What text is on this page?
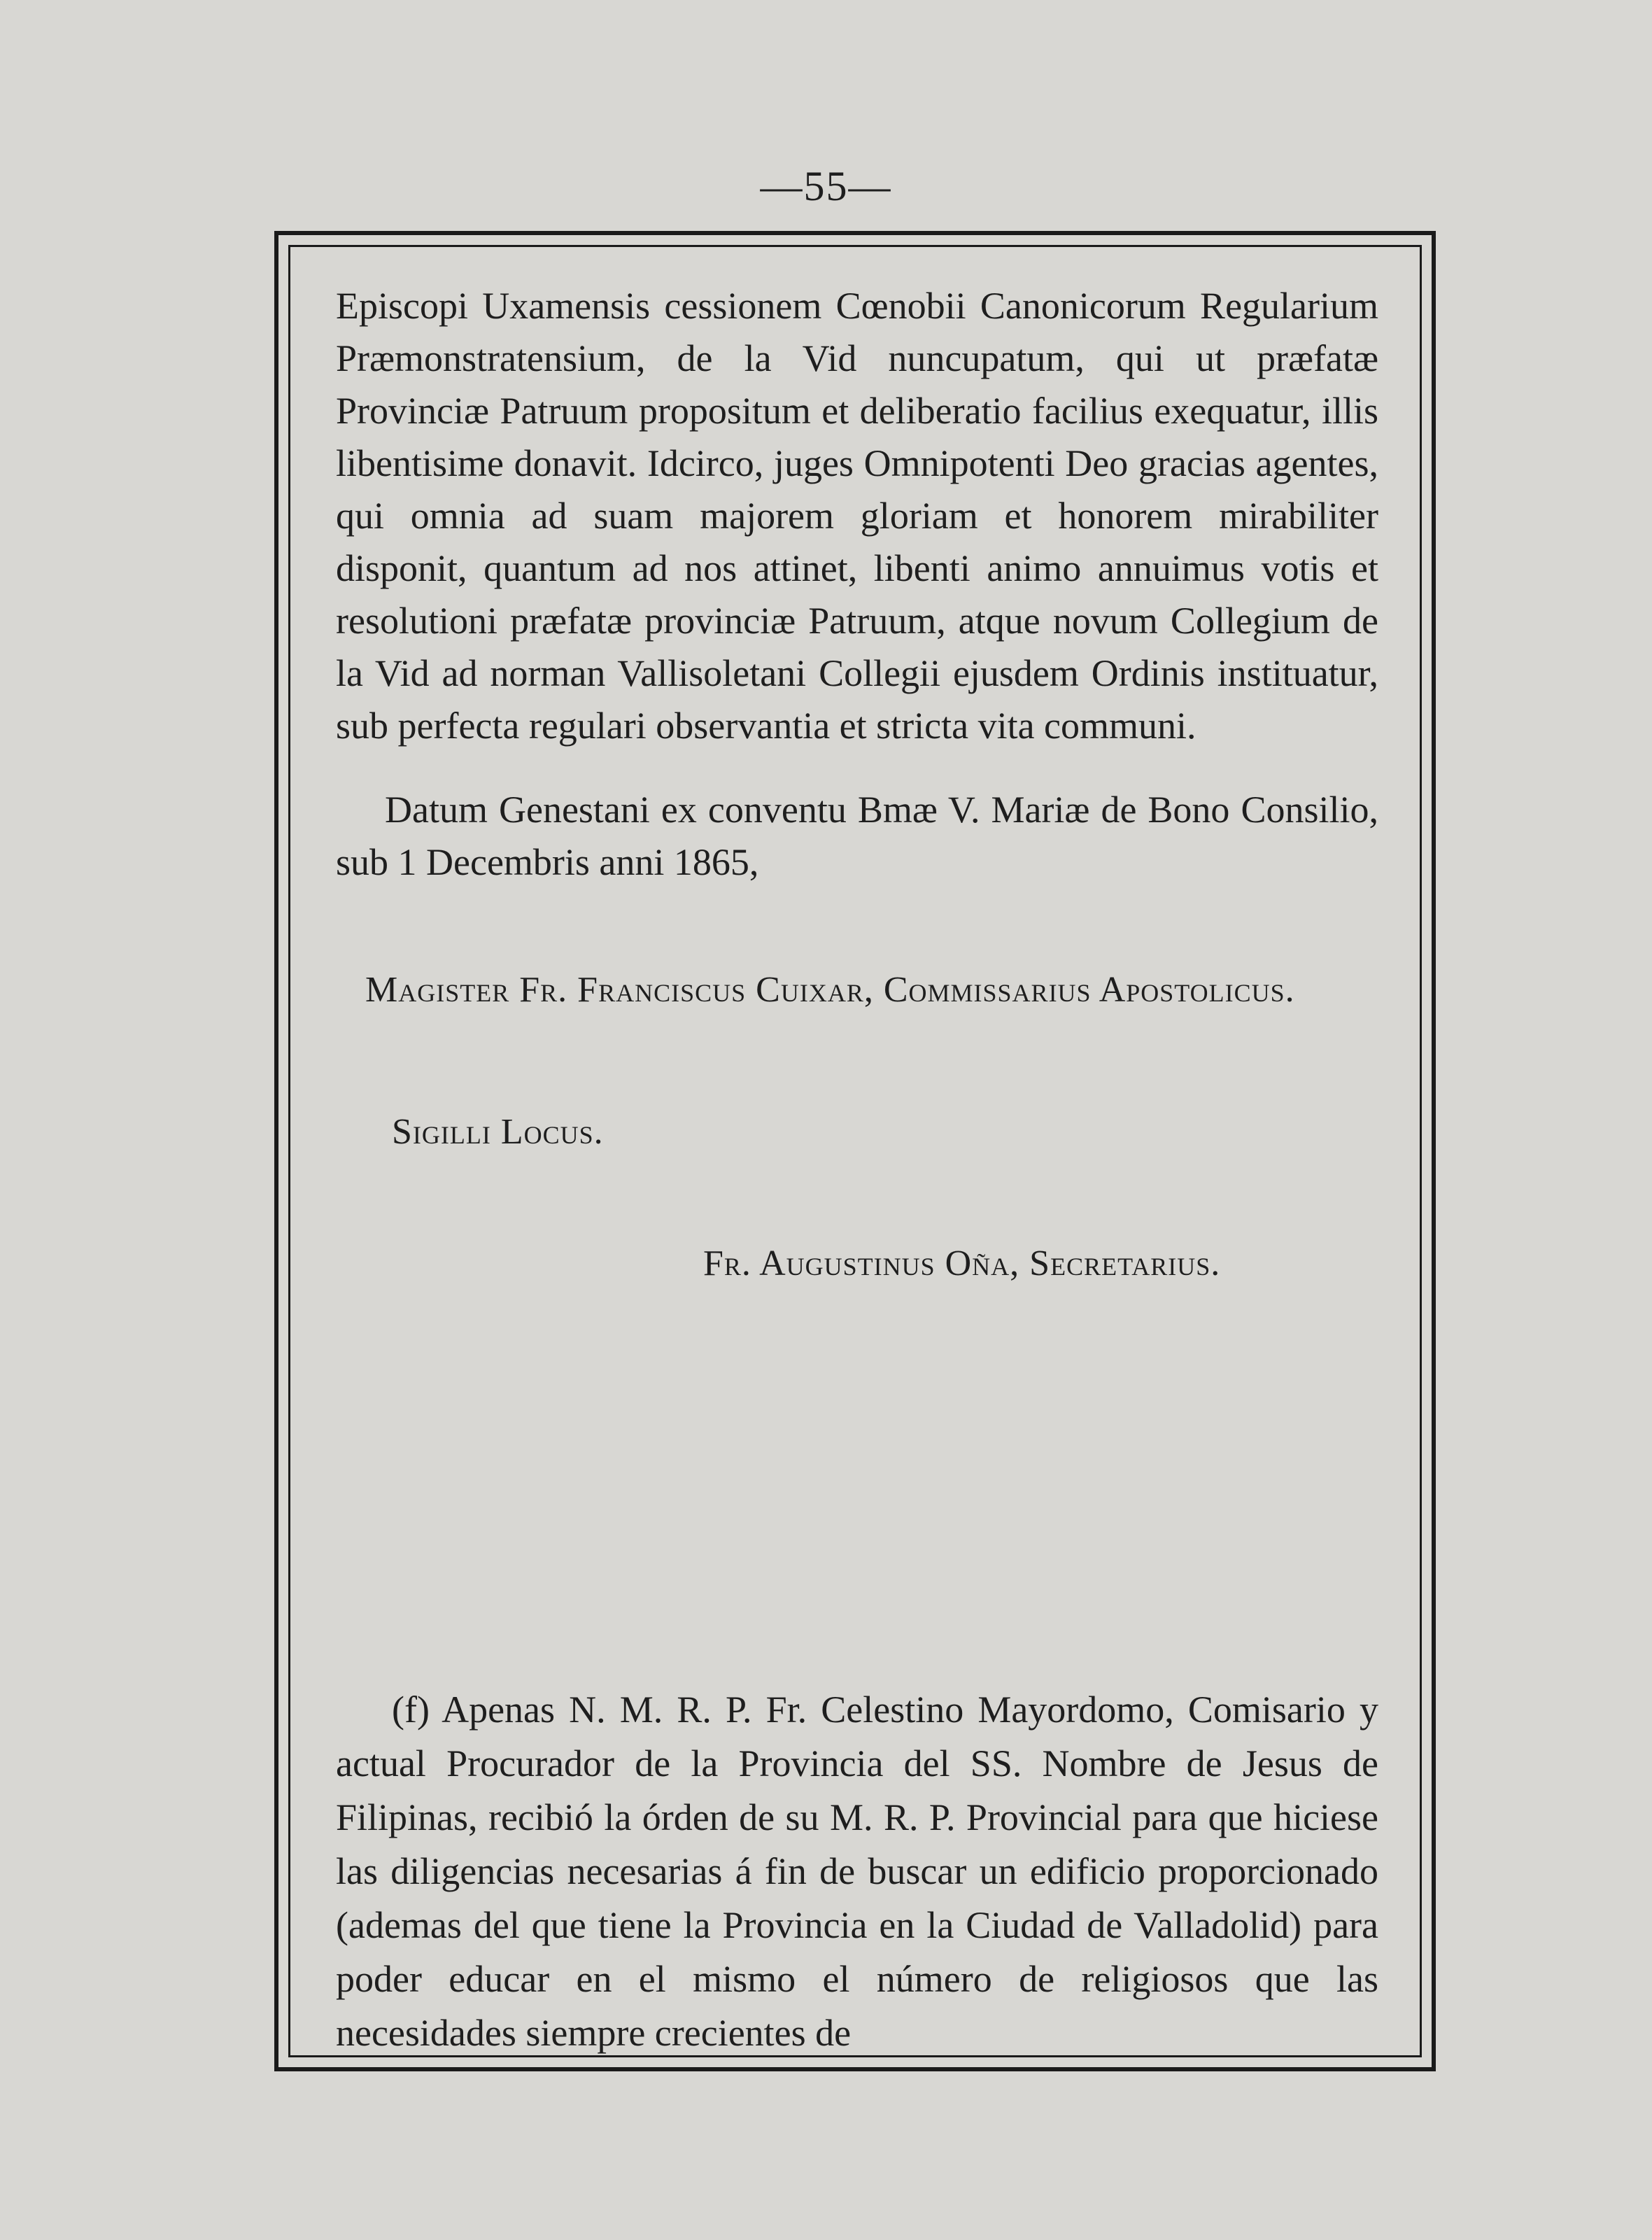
—55—

Episcopi Uxamensis cessionem Cœnobii Canonicorum Regularium Præmonstratensium, de la Vid nuncupatum, qui ut præfatæ Provinciæ Patruum propositum et deliberatio facilius exequatur, illis libentisime donavit. Idcirco, juges Omnipotenti Deo gracias agentes, qui omnia ad suam majorem gloriam et honorem mirabiliter disponit, quantum ad nos attinet, libenti animo annuimus votis et resolutioni præfatæ provinciæ Patruum, atque novum Collegium de la Vid ad norman Vallisoletani Collegii ejusdem Ordinis instituatur, sub perfecta regulari observantia et stricta vita communi.

Datum Genestani ex conventu Bmæ V. Mariæ de Bono Consilio, sub 1 Decembris anni 1865,

Magister Fr. Franciscus Cuixar, Commissarius Apostolicus.
Sigilli Locus.
Fr. Augustinus Oña, Secretarius.

(f) Apenas N. M. R. P. Fr. Celestino Mayordomo, Comisario y actual Procurador de la Provincia del SS. Nombre de Jesus de Filipinas, recibió la órden de su M. R. P. Provincial para que hiciese las diligencias necesarias á fin de buscar un edificio proporcionado (ademas del que tiene la Provincia en la Ciudad de Valladolid) para poder educar en el mismo el número de religiosos que las necesidades siempre crecientes de
